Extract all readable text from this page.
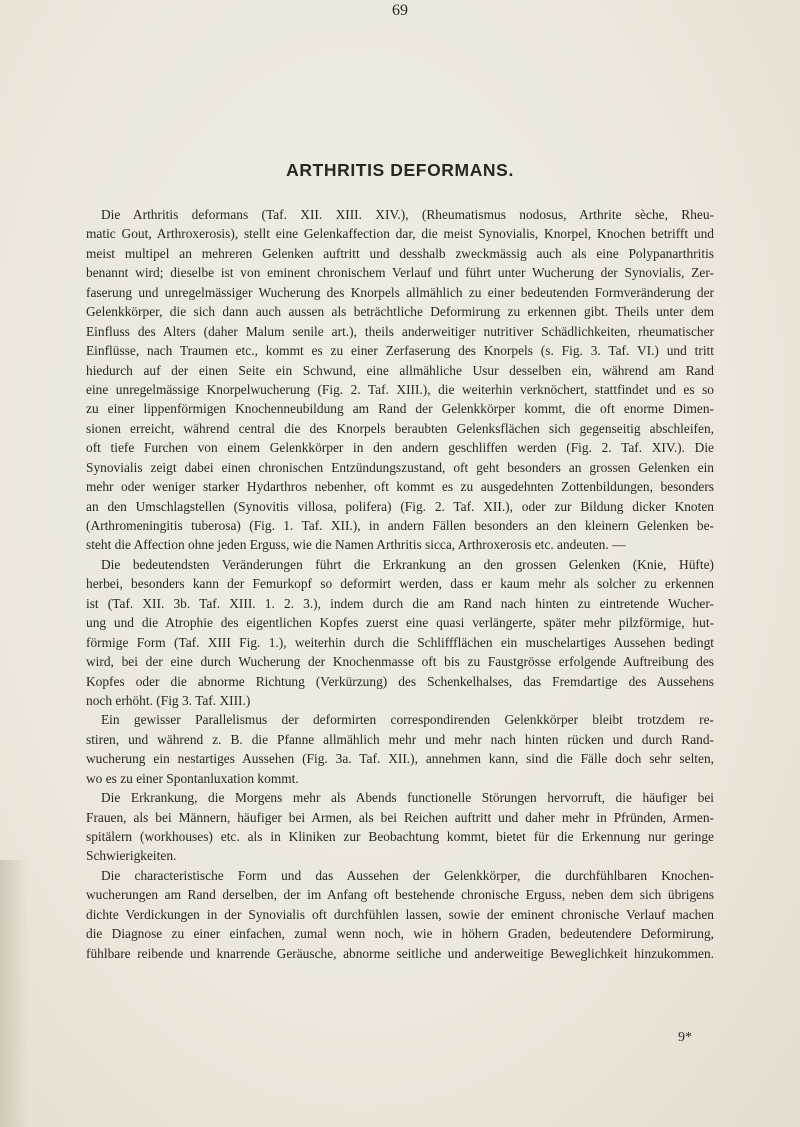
69
ARTHRITIS DEFORMANS.
Die Arthritis deformans (Taf. XII. XIII. XIV.), (Rheumatismus nodosus, Arthrite sèche, Rheu-
matic Gout, Arthroxerosis), stellt eine Gelenkaffection dar, die meist Synovialis, Knorpel, Knochen betrifft und
meist multipel an mehreren Gelenken auftritt und desshalb zweckmässig auch als eine Polypanarthritis
benannt wird; dieselbe ist von eminent chronischem Verlauf und führt unter Wucherung der Synovialis, Zer-
faserung und unregelmässiger Wucherung des Knorpels allmählich zu einer bedeutenden Formveränderung der
Gelenkkörper, die sich dann auch aussen als beträchtliche Deformirung zu erkennen gibt. Theils unter dem
Einfluss des Alters (daher Malum senile art.), theils anderweitiger nutritiver Schädlichkeiten, rheumatischer
Einflüsse, nach Traumen etc., kommt es zu einer Zerfaserung des Knorpels (s. Fig. 3. Taf. VI.) und tritt
hiedurch auf der einen Seite ein Schwund, eine allmähliche Usur desselben ein, während am Rand
eine unregelmässige Knorpelwucherung (Fig. 2. Taf. XIII.), die weiterhin verknöchert, stattfindet und es so
zu einer lippenförmigen Knochenneubildung am Rand der Gelenkkörper kommt, die oft enorme Dimen-
sionen erreicht, während central die des Knorpels beraubten Gelenksflächen sich gegenseitig abschleifen,
oft tiefe Furchen von einem Gelenkkörper in den andern geschliffen werden (Fig. 2. Taf. XIV.). Die
Synovialis zeigt dabei einen chronischen Entzündungszustand, oft geht besonders an grossen Gelenken ein
mehr oder weniger starker Hydarthros nebenher, oft kommt es zu ausgedehnten Zottenbildungen, besonders
an den Umschlagstellen (Synovitis villosa, polifera) (Fig. 2. Taf. XII.), oder zur Bildung dicker Knoten
(Arthromeningitis tuberosa) (Fig. 1. Taf. XII.), in andern Fällen besonders an den kleinern Gelenken be-
steht die Affection ohne jeden Erguss, wie die Namen Arthritis sicca, Arthroxerosis etc. andeuten. —
Die bedeutendsten Veränderungen führt die Erkrankung an den grossen Gelenken (Knie, Hüfte)
herbei, besonders kann der Femurkopf so deformirt werden, dass er kaum mehr als solcher zu erkennen
ist (Taf. XII. 3b. Taf. XIII. 1. 2. 3.), indem durch die am Rand nach hinten zu eintretende Wucher-
ung und die Atrophie des eigentlichen Kopfes zuerst eine quasi verlängerte, später mehr pilzförmige, hut-
förmige Form (Taf. XIII Fig. 1.), weiterhin durch die Schliffflächen ein muschelartiges Aussehen bedingt
wird, bei der eine durch Wucherung der Knochenmasse oft bis zu Faustgrösse erfolgende Auftreibung des
Kopfes oder die abnorme Richtung (Verkürzung) des Schenkelhalses, das Fremdartige des Aussehens
noch erhöht. (Fig 3. Taf. XIII.)
Ein gewisser Parallelismus der deformirten correspondirenden Gelenkkörper bleibt trotzdem re-
stiren, und während z. B. die Pfanne allmählich mehr und mehr nach hinten rücken und durch Rand-
wucherung ein nestartiges Aussehen (Fig. 3a. Taf. XII.), annehmen kann, sind die Fälle doch sehr selten,
wo es zu einer Spontanluxation kommt.
Die Erkrankung, die Morgens mehr als Abends functionelle Störungen hervorruft, die häufiger bei
Frauen, als bei Männern, häufiger bei Armen, als bei Reichen auftritt und daher mehr in Pfründen, Armen-
spitälern (workhouses) etc. als in Kliniken zur Beobachtung kommt, bietet für die Erkennung nur geringe
Schwierigkeiten.
Die characteristische Form und das Aussehen der Gelenkkörper, die durchfühlbaren Knochen-
wucherungen am Rand derselben, der im Anfang oft bestehende chronische Erguss, neben dem sich übrigens
dichte Verdickungen in der Synovialis oft durchfühlen lassen, sowie der eminent chronische Verlauf machen
die Diagnose zu einer einfachen, zumal wenn noch, wie in höhern Graden, bedeutendere Deformirung,
fühlbare reibende und knarrende Geräusche, abnorme seitliche und anderweitige Beweglichkeit hinzukommen.
9*
